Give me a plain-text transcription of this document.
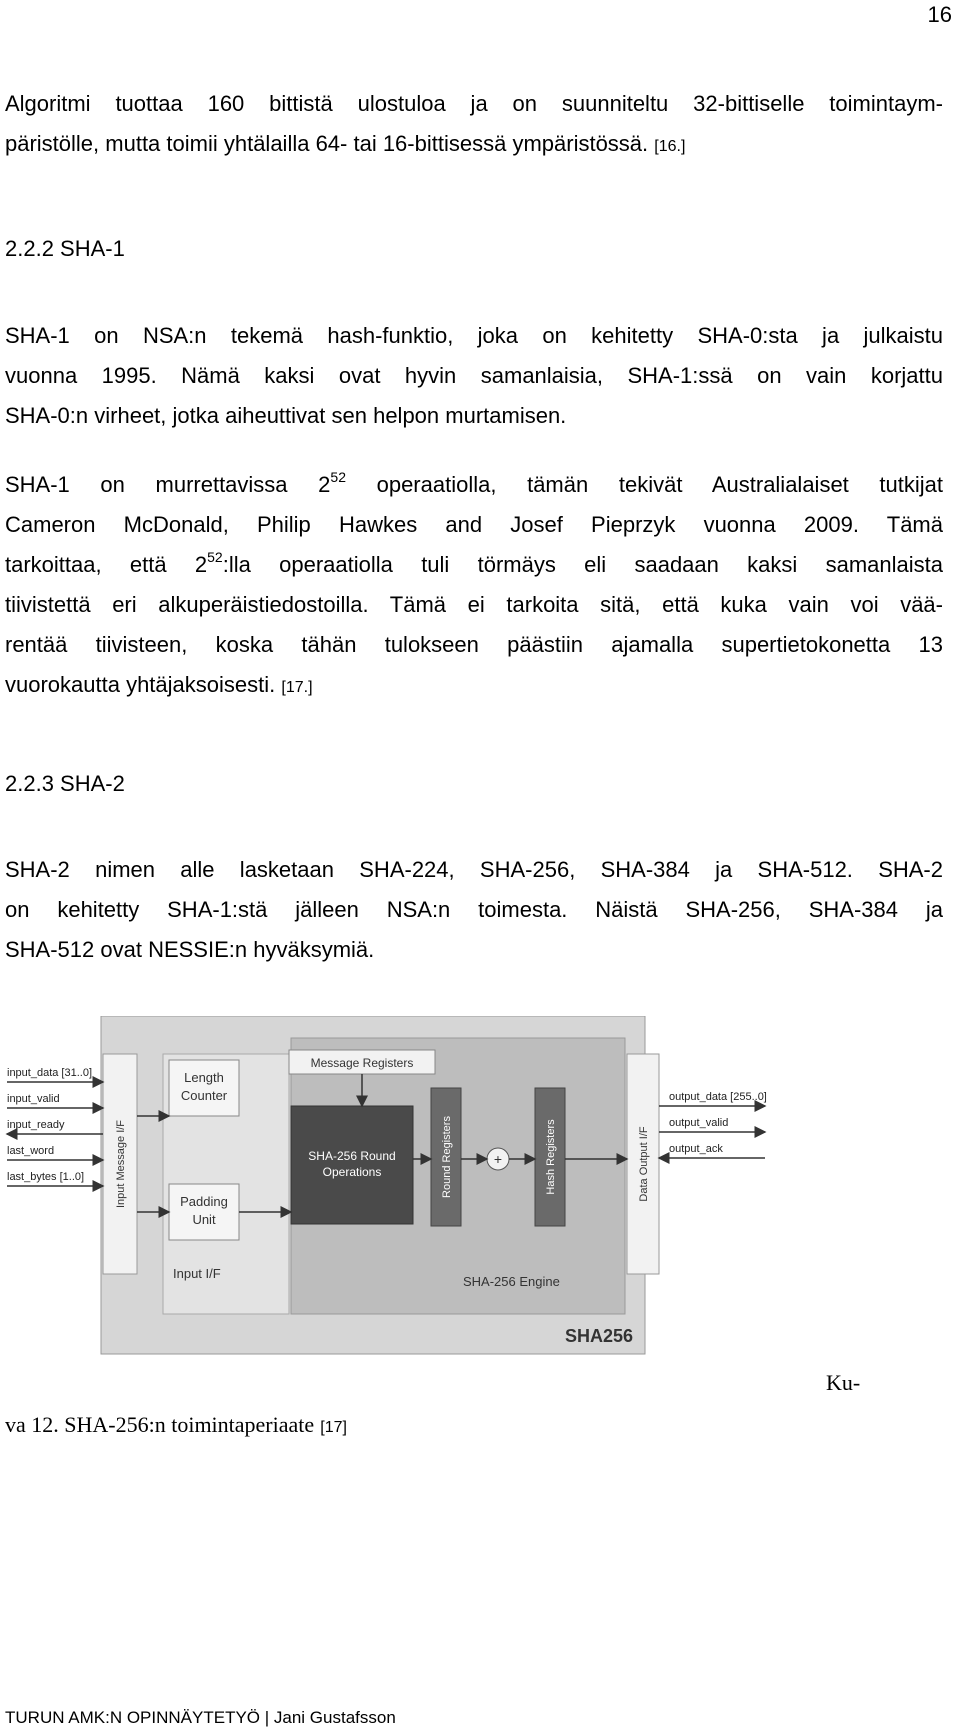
16
Algoritmi tuottaa 160 bittistä ulostuloa ja on suunniteltu 32-bittiselle toimintaym-
päristölle, mutta toimii yhtälailla 64- tai 16-bittisessä ympäristössä. [16.]
2.2.2 SHA-1
SHA-1 on NSA:n tekemä hash-funktio, joka on kehitetty SHA-0:sta ja julkaistu
vuonna 1995. Nämä kaksi ovat hyvin samanlaisia, SHA-1:ssä on vain korjattu
SHA-0:n virheet, jotka aiheuttivat sen helpon murtamisen.
SHA-1 on murrettavissa $2^{52}$ operaatiolla, tämän tekivät Australialaiset tutkijat
Cameron McDonald, Philip Hawkes and Josef Pieprzyk vuonna 2009. Tämä
tarkoittaa, että $2^{52}:lla$ operaatiolla tuli törmäys eli saadaan kaksi samanlaista
tiivistettä eri alkuperäistiedostoilla. Tämä ei tarkoita sitä, että kuka vain voi vää-
rentää tiivisteen, koska tähän tulokseen päästiin ajamalla supertietokonetta 13
vuorokautta yhtäjaksoisesti. [17.]
2.2.3 SHA-2
SHA-2 nimen alle lasketaan SHA-224, SHA-256, SHA-384 ja SHA-512. SHA-2
on kehitetty SHA-1:stä jälleen NSA:n toimesta. Näistä SHA-256, SHA-384 ja
SHA-512 ovat NESSIE:n hyväksymiä.
Input Message I/F	Data Output I/F
Length
Counter
Padding
Unit
Input I/F
Message Registers
SHA-256 Round
Operations	Round Registers	+	Hash Registers
SHA-256 Engine
SHA256
input_data [31..0]
input_valid
input_ready
last_word
last_bytes [1..0]
output_data [255..0]
output_valid
output_ack
Ku-
va 12. SHA-256:n toimintaperiaate [17]
TURUN AMK:N OPINNÄYTETYÖ | Jani Gustafsson
